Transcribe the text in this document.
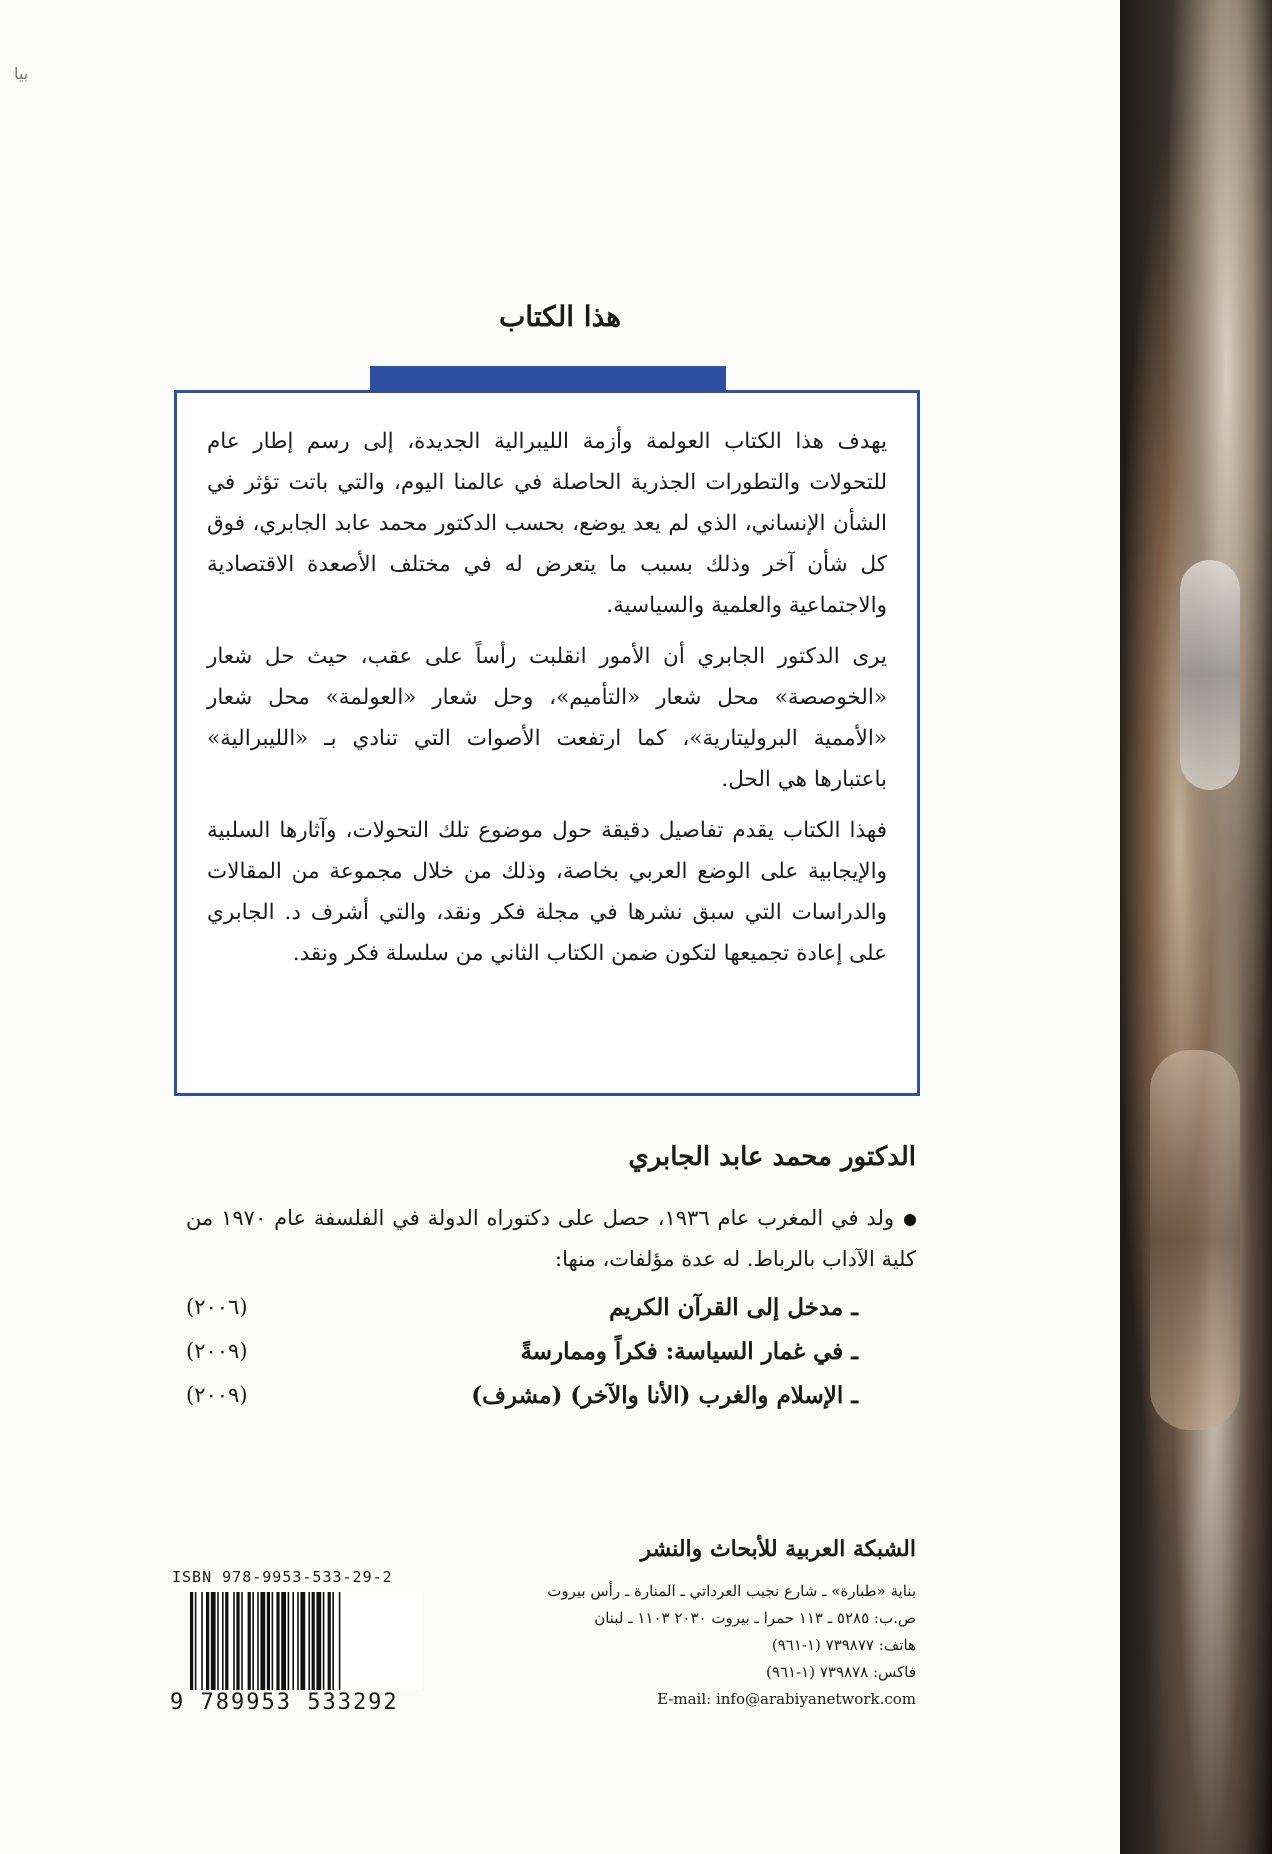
بيا
هذا الكتاب

يهدف هذا الكتاب العولمة وأزمة الليبرالية الجديدة، إلى رسم إطار عام للتحولات والتطورات الجذرية الحاصلة في عالمنا اليوم، والتي باتت تؤثر في الشأن الإنساني، الذي لم يعد يوضع، بحسب الدكتور محمد عابد الجابري، فوق كل شأن آخر وذلك بسبب ما يتعرض له في مختلف الأصعدة الاقتصادية والاجتماعية والعلمية والسياسية.

يرى الدكتور الجابري أن الأمور انقلبت رأساً على عقب، حيث حل شعار «الخوصصة» محل شعار «التأميم»، وحل شعار «العولمة» محل شعار «الأممية البروليتارية»، كما ارتفعت الأصوات التي تنادي بـ «الليبرالية» باعتبارها هي الحل.

فهذا الكتاب يقدم تفاصيل دقيقة حول موضوع تلك التحولات، وآثارها السلبية والإيجابية على الوضع العربي بخاصة، وذلك من خلال مجموعة من المقالات والدراسات التي سبق نشرها في مجلة فكر ونقد، والتي أشرف د. الجابري على إعادة تجميعها لتكون ضمن الكتاب الثاني من سلسلة فكر ونقد.

الدكتور محمد عابد الجابري
ولد في المغرب عام ١٩٣٦، حصل على دكتوراه الدولة في الفلسفة عام ١٩٧٠ من كلية الآداب بالرباط. له عدة مؤلفات، منها:
ـ مدخل إلى القرآن الكريم
(٢٠٠٦)
ـ في غمار السياسة: فكراً وممارسةً
(٢٠٠٩)
ـ الإسلام والغرب (الأنا والآخر) (مشرف)
(٢٠٠٩)
الشبكة العربية للأبحاث والنشر
بناية «طبارة» ـ شارع نجيب العرداتي ـ المنارة ـ رأس بيروت
ص.ب: ٥٢٨٥ ـ ١١٣ حمرا ـ بيروت ٢٠٣٠ ١١٠٣ ـ لبنان
هاتف: ٧٣٩٨٧٧ (١-٩٦١)
فاكس: ٧٣٩٨٧٨ (١-٩٦١)
E-mail: info@arabiyanetwork.com
ISBN 978-9953-533-29-2
9 789953 533292
